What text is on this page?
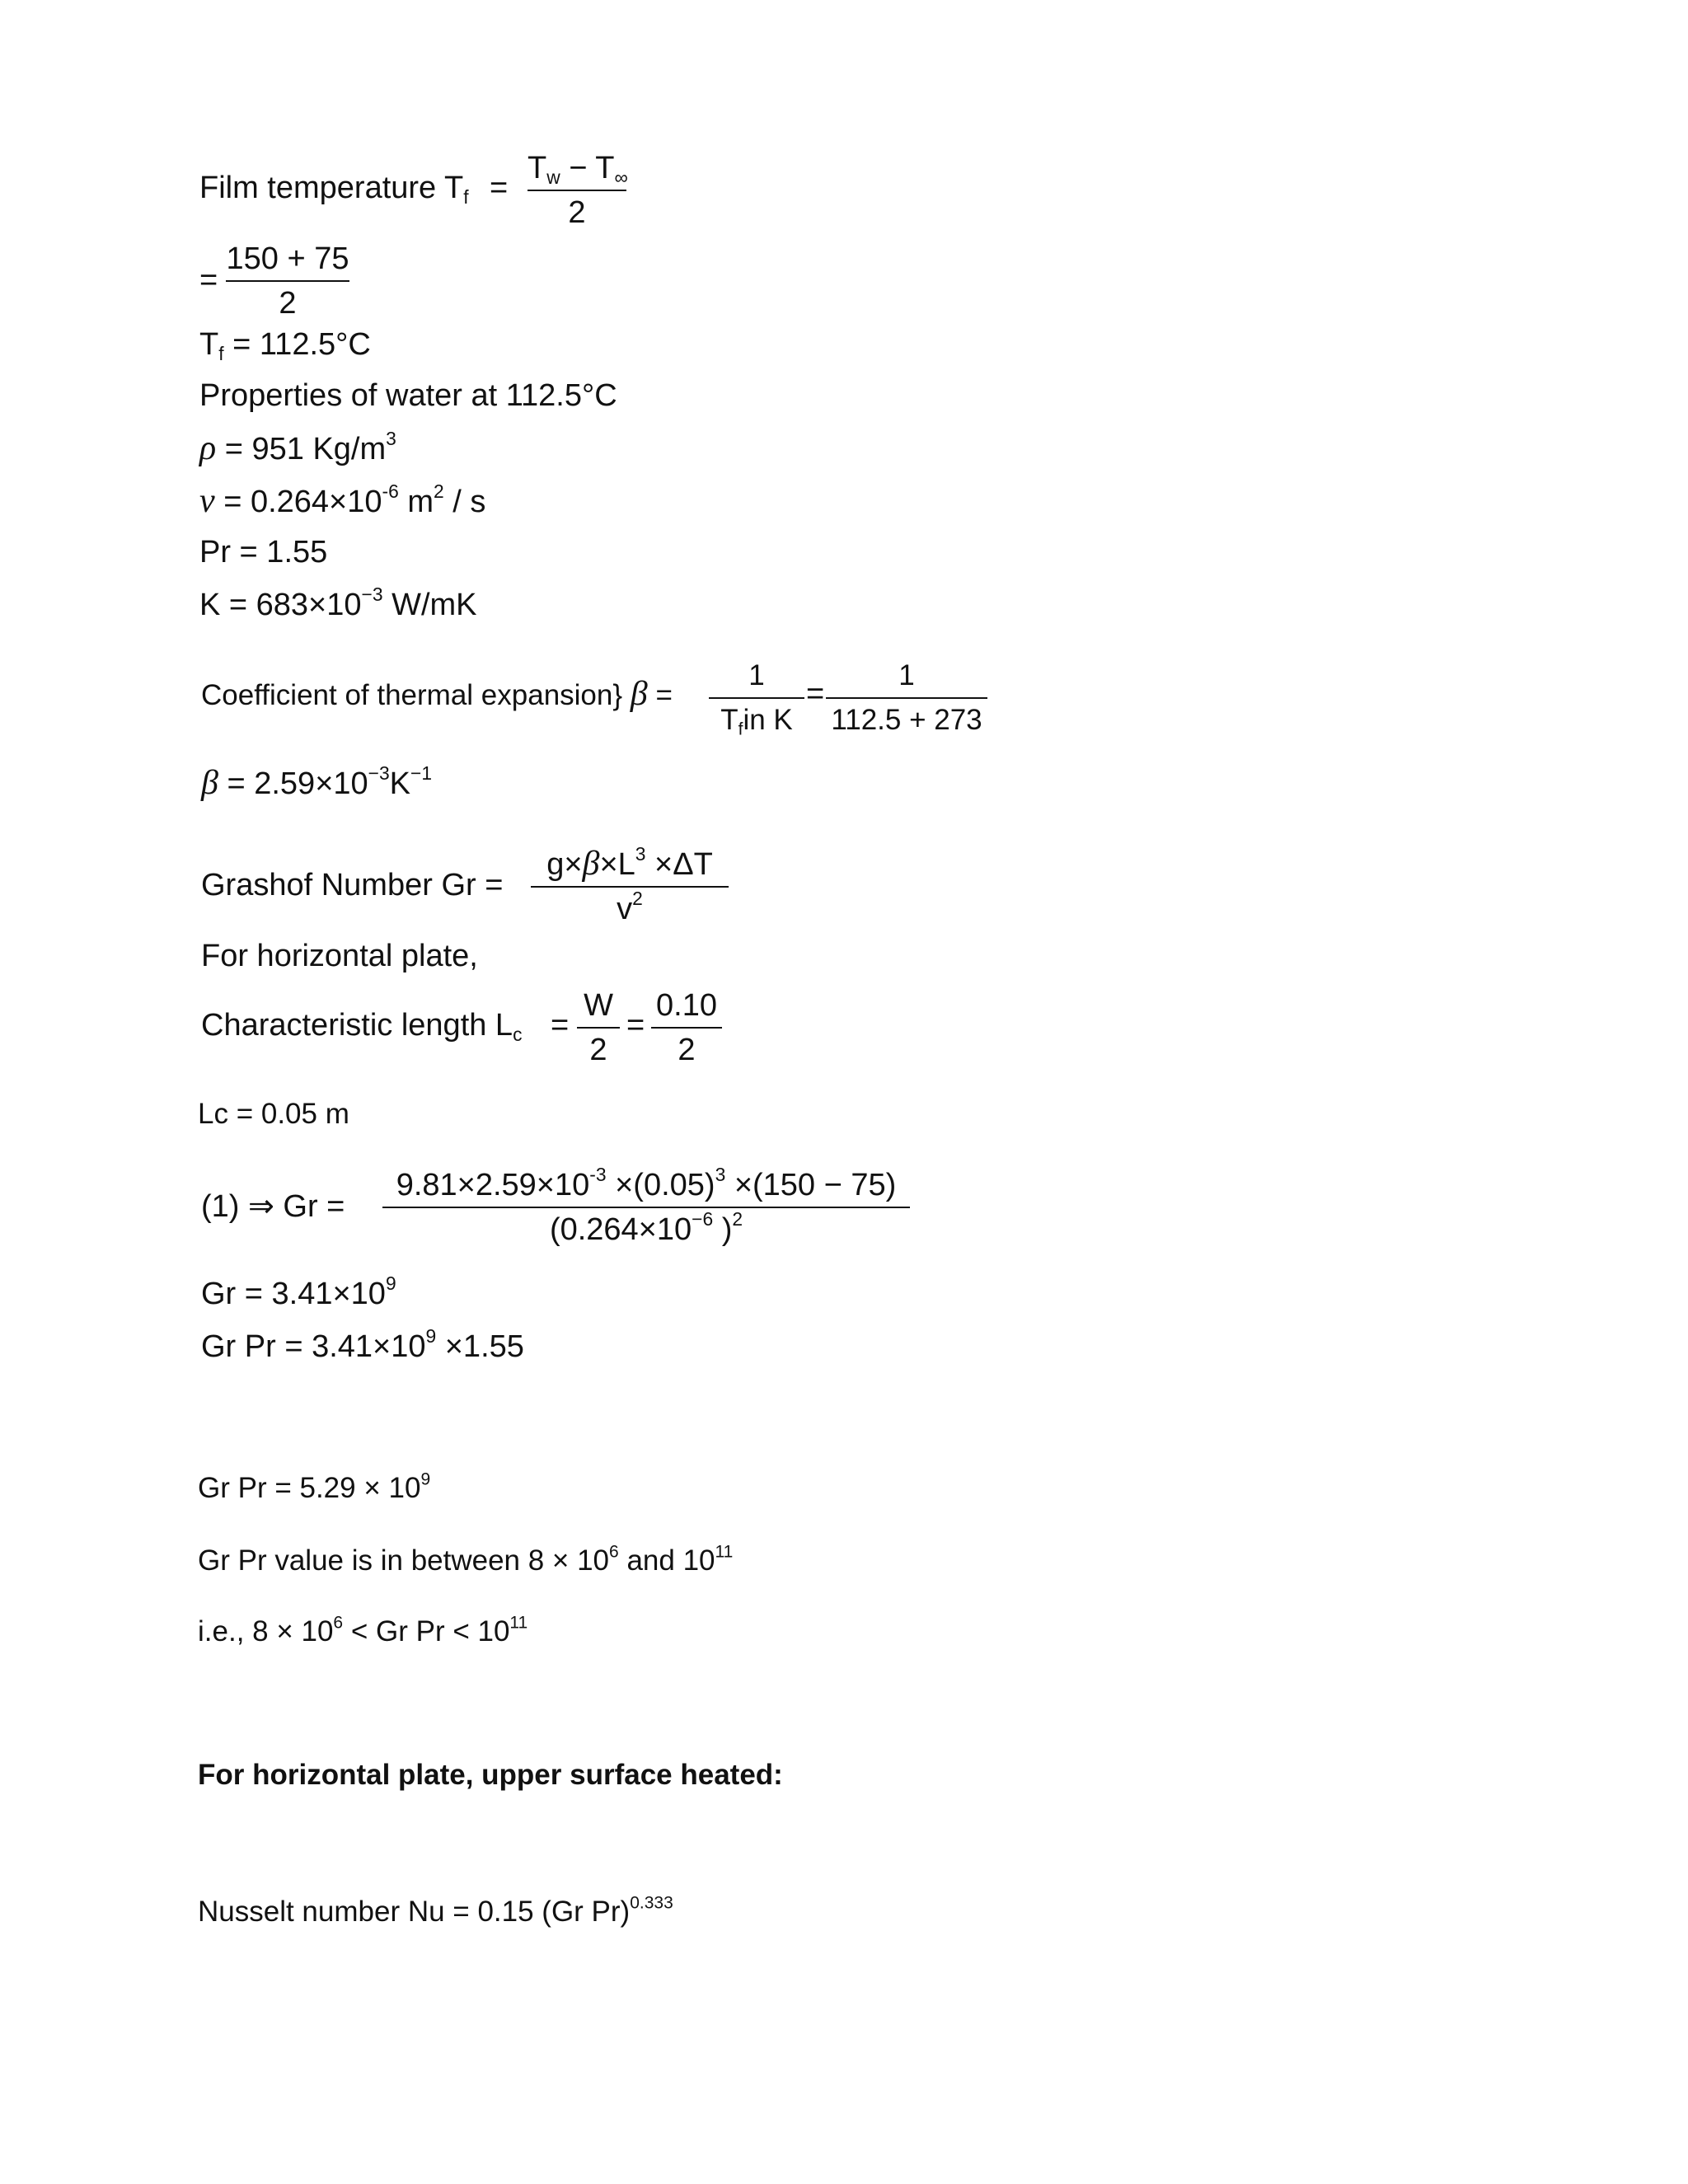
Film temperature $T_f$ =
$T_w - T_\infty$
2
=
150 + 75
2
$T_f = 112.5^\circ C$
Properties of water at 112.5°C
ρ = 951 $Kg/m^3$
$\nu = 0.264\times 10^{-6}$ $m^2$ / s
Pr = 1.55
$K = 683\times 10^{-3}$ W/mK
Coefficient of thermal expansion} β =
1
$T_fin$ K
=
1
112.5 + 273
$\beta = 2.59\times 10^{-3}K^{-1}$
Grashof Number Gr =
$g\times\beta\times L^3 \times\Delta T$
$v^2$
For horizontal plate,
Characteristic length $L_c$ =
W
2
=
0.10
2
Lc = 0.05 m
(1) ⇒ Gr =
$9.81\times 2.59\times 10^{-3} \times(0.05)^3 \times(150 - 75)$
($0.264\times 10^{-6}$ )$^2$
$Gr = 3.41\times 10^9$
Gr $Pr = 3.41\times 10^9 \times 1.55$
Gr $Pr = 5.29 \times 10^9$
Gr Pr value is in between $8 \times 10^6$ and $10^{11}$
i.e., $8 \times 10^6 < Gr$ $Pr < 10^{11}$
For horizontal plate, upper surface heated:
Nusselt number Nu = 0.15 (Gr Pr)$^{0.333}$
